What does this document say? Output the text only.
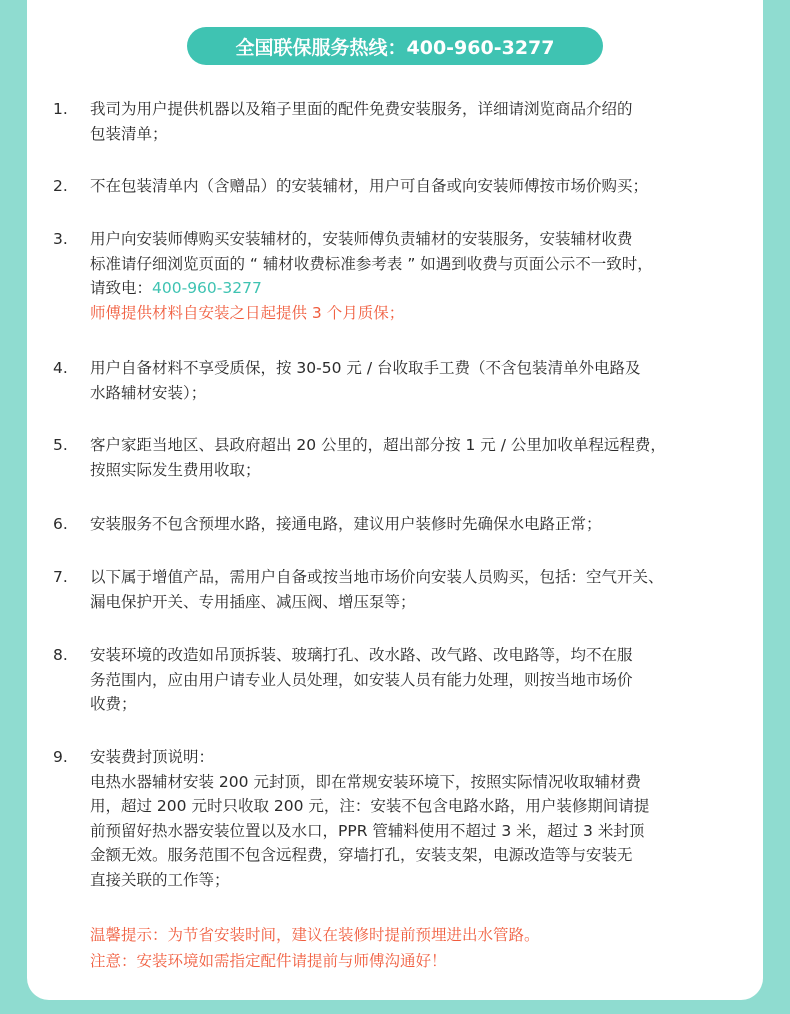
全国联保服务热线：400-960-3277
1. 我司为用户提供机器以及箱子里面的配件免费安装服务，详细请浏览商品介绍的
包装清单；
2. 不在包装清单内（含赠品）的安装辅材，用户可自备或向安装师傅按市场价购买；
3. 用户向安装师傅购买安装辅材的，安装师傅负责辅材的安装服务，安装辅材收费
标准请仔细浏览页面的 “ 辅材收费标准参考表 ” 如遇到收费与页面公示不一致时，
请致电：400-960-3277
师傅提供材料自安装之日起提供 3 个月质保；
4. 用户自备材料不享受质保，按 30-50 元 / 台收取手工费（不含包装清单外电路及
水路辅材安装）；
5. 客户家距当地区、县政府超出 20 公里的，超出部分按 1 元 / 公里加收单程远程费，
按照实际发生费用收取；
6. 安装服务不包含预埋水路，接通电路，建议用户装修时先确保水电路正常；
7. 以下属于增值产品，需用户自备或按当地市场价向安装人员购买，包括：空气开关、
漏电保护开关、专用插座、减压阀、增压泵等；
8. 安装环境的改造如吊顶拆装、玻璃打孔、改水路、改气路、改电路等，均不在服
务范围内，应由用户请专业人员处理，如安装人员有能力处理，则按当地市场价
收费；
9. 安装费封顶说明：
电热水器辅材安装 200 元封顶，即在常规安装环境下，按照实际情况收取辅材费
用，超过 200 元时只收取 200 元，注：安装不包含电路水路，用户装修期间请提
前预留好热水器安装位置以及水口，PPR 管辅料使用不超过 3 米，超过 3 米封顶
金额无效。服务范围不包含远程费，穿墙打孔，安装支架，电源改造等与安装无
直接关联的工作等；
温馨提示：为节省安装时间，建议在装修时提前预埋进出水管路。
注意：安装环境如需指定配件请提前与师傅沟通好！
